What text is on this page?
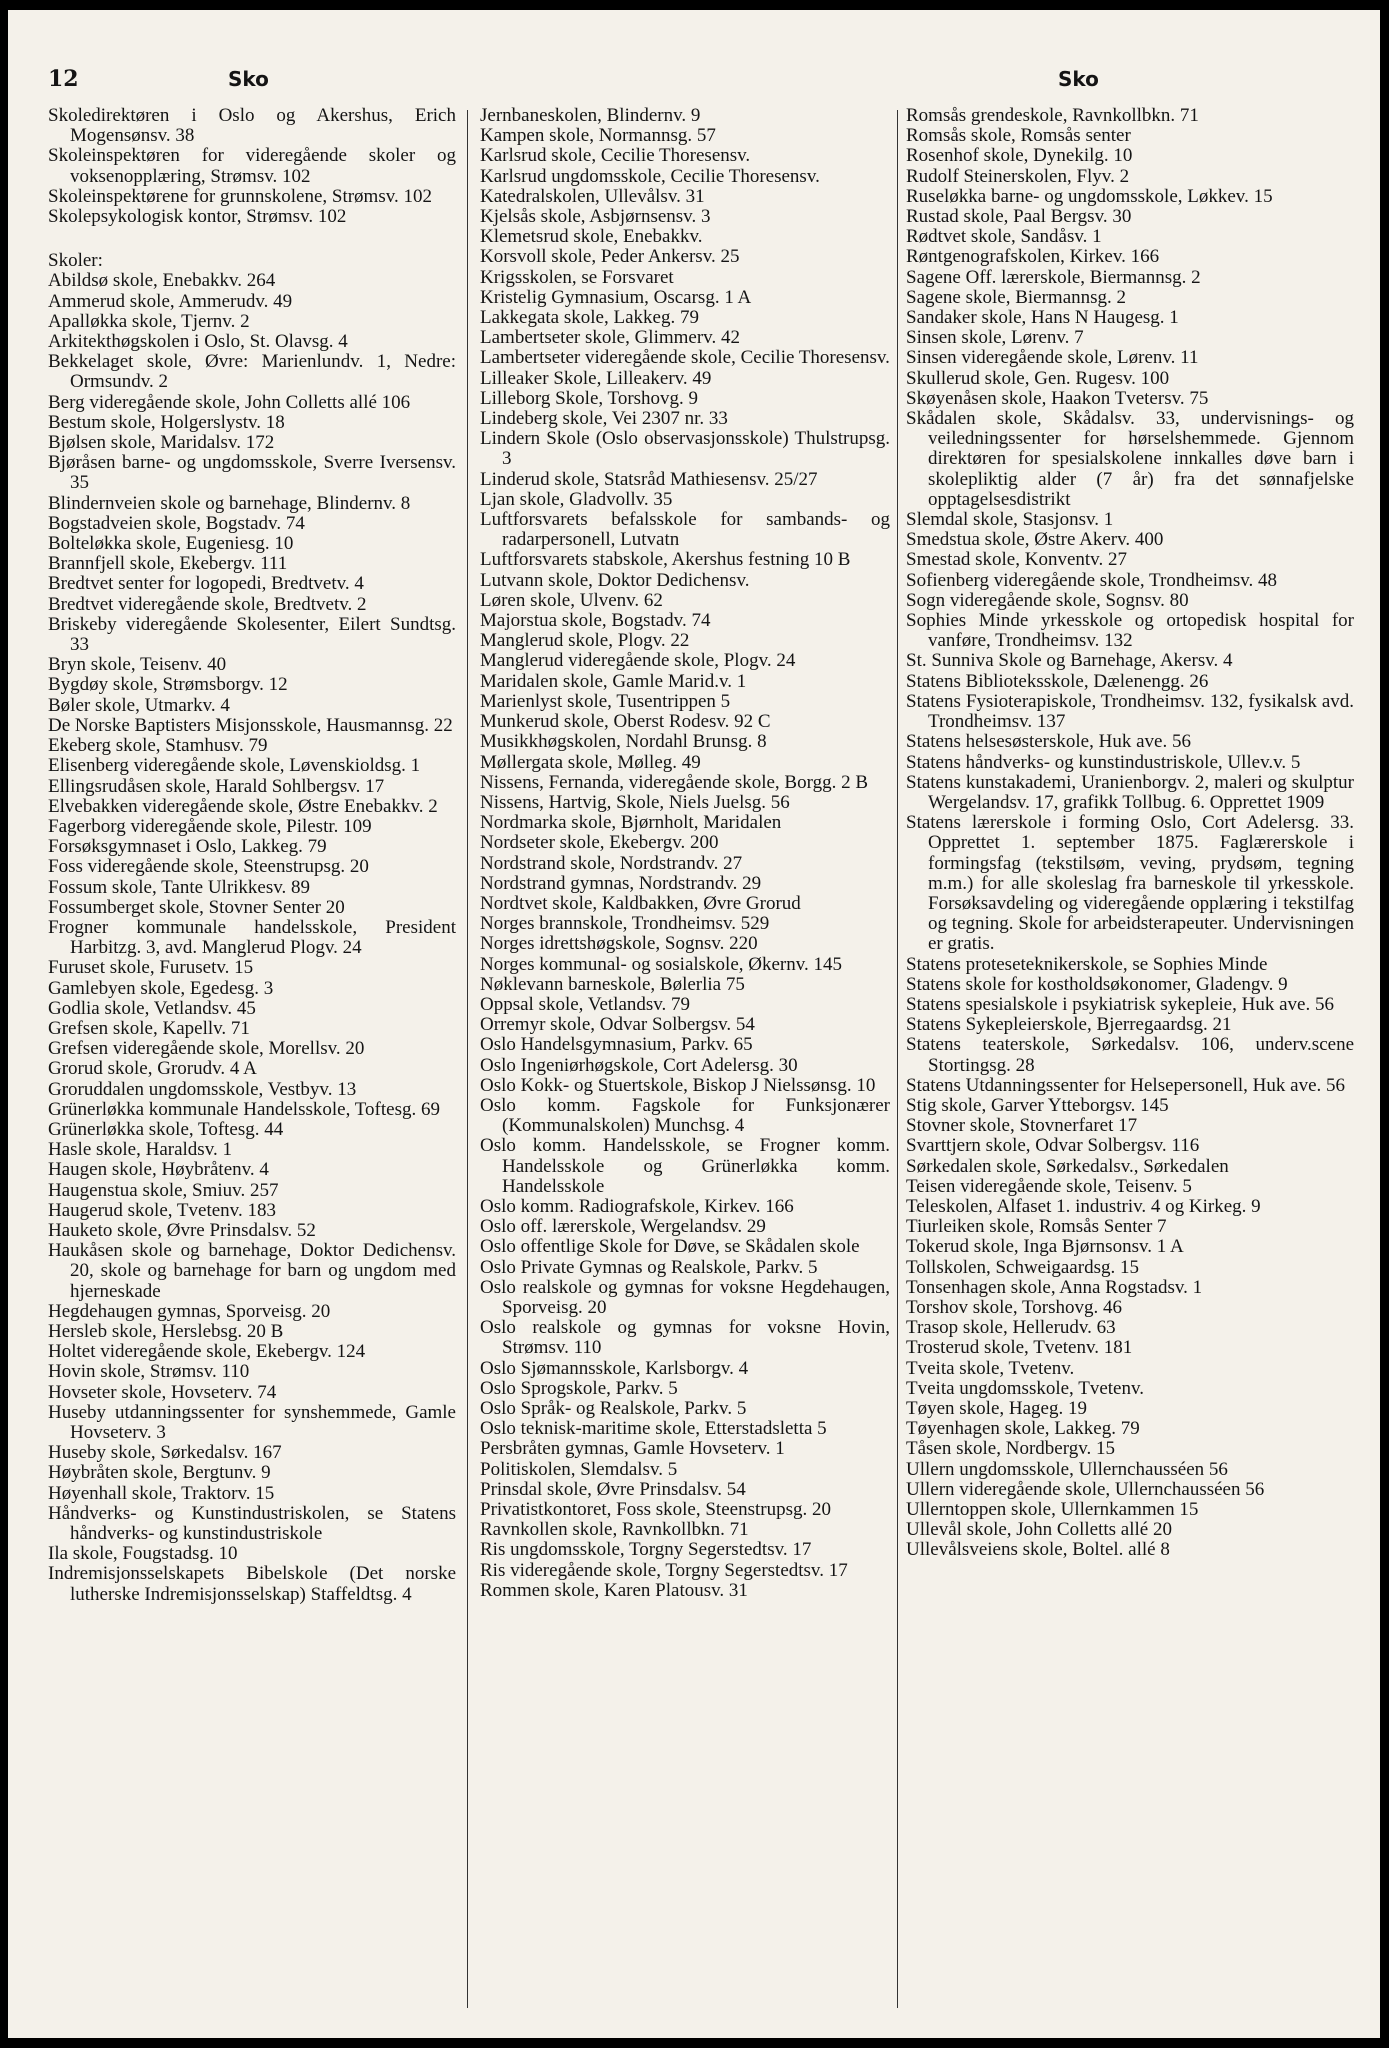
12	Sko	Sko
Skoledirektøren i Oslo og Akershus, Erich Mogensønsv. 38
Skoleinspektøren for videregående skoler og voksenopplæring, Strømsv. 102
Skoleinspektørene for grunnskolene, Strømsv. 102
Skolepsykologisk kontor, Strømsv. 102
Skoler:
Abildsø skole, Enebakkv. 264
Ammerud skole, Ammerudv. 49
Apalløkka skole, Tjernv. 2
Arkitekthøgskolen i Oslo, St. Olavsg. 4
Bekkelaget skole, Øvre: Marienlundv. 1, Nedre: Ormsundv. 2
Berg videregående skole, John Colletts allé 106
Bestum skole, Holgerslystv. 18
Bjølsen skole, Maridalsv. 172
Bjøråsen barne- og ungdomsskole, Sverre Iversensv. 35
Blindernveien skole og barnehage, Blindernv. 8
Bogstadveien skole, Bogstadv. 74
Bolteløkka skole, Eugeniesg. 10
Brannfjell skole, Ekebergv. 111
Bredtvet senter for logopedi, Bredtvetv. 4
Bredtvet videregående skole, Bredtvetv. 2
Briskeby videregående Skolesenter, Eilert Sundtsg. 33
Bryn skole, Teisenv. 40
Bygdøy skole, Strømsborgv. 12
Bøler skole, Utmarkv. 4
De Norske Baptisters Misjonsskole, Hausmannsg. 22
Ekeberg skole, Stamhusv. 79
Elisenberg videregående skole, Løvenskioldsg. 1
Ellingsrudåsen skole, Harald Sohlbergsv. 17
Elvebakken videregående skole, Østre Enebakkv. 2
Fagerborg videregående skole, Pilestr. 109
Forsøksgymnaset i Oslo, Lakkeg. 79
Foss videregående skole, Steenstrupsg. 20
Fossum skole, Tante Ulrikkesv. 89
Fossumberget skole, Stovner Senter 20
Frogner kommunale handelsskole, President Harbitzg. 3, avd. Manglerud Plogv. 24
Furuset skole, Furusetv. 15
Gamlebyen skole, Egedesg. 3
Godlia skole, Vetlandsv. 45
Grefsen skole, Kapellv. 71
Grefsen videregående skole, Morellsv. 20
Grorud skole, Grorudv. 4 A
Groruddalen ungdomsskole, Vestbyv. 13
Grünerløkka kommunale Handelsskole, Toftesg. 69
Grünerløkka skole, Toftesg. 44
Hasle skole, Haraldsv. 1
Haugen skole, Høybråtenv. 4
Haugenstua skole, Smiuv. 257
Haugerud skole, Tvetenv. 183
Hauketo skole, Øvre Prinsdalsv. 52
Haukåsen skole og barnehage, Doktor Dedichensv. 20, skole og barnehage for barn og ungdom med hjerneskade
Hegdehaugen gymnas, Sporveisg. 20
Hersleb skole, Herslebsg. 20 B
Holtet videregående skole, Ekebergv. 124
Hovin skole, Strømsv. 110
Hovseter skole, Hovseterv. 74
Huseby utdanningssenter for synshemmede, Gamle Hovseterv. 3
Huseby skole, Sørkedalsv. 167
Høybråten skole, Bergtunv. 9
Høyenhall skole, Traktorv. 15
Håndverks- og Kunstindustriskolen, se Statens håndverks- og kunstindustriskole
Ila skole, Fougstadsg. 10
Indremisjonsselskapets Bibelskole (Det norske lutherske Indremisjonsselskap) Staffeldtsg. 4
Jernbaneskolen, Blindernv. 9
Kampen skole, Normannsg. 57
Karlsrud skole, Cecilie Thoresensv.
Karlsrud ungdomsskole, Cecilie Thoresensv.
Katedralskolen, Ullevålsv. 31
Kjelsås skole, Asbjørnsensv. 3
Klemetsrud skole, Enebakkv.
Korsvoll skole, Peder Ankersv. 25
Krigsskolen, se Forsvaret
Kristelig Gymnasium, Oscarsg. 1 A
Lakkegata skole, Lakkeg. 79
Lambertseter skole, Glimmerv. 42
Lambertseter videregående skole, Cecilie Thoresensv.
Lilleaker Skole, Lilleakerv. 49
Lilleborg Skole, Torshovg. 9
Lindeberg skole, Vei 2307 nr. 33
Lindern Skole (Oslo observasjonsskole) Thulstrupsg. 3
Linderud skole, Statsråd Mathiesensv. 25/27
Ljan skole, Gladvollv. 35
Luftforsvarets befalsskole for sambands- og radarpersonell, Lutvatn
Luftforsvarets stabskole, Akershus festning 10 B
Lutvann skole, Doktor Dedichensv.
Løren skole, Ulvenv. 62
Majorstua skole, Bogstadv. 74
Manglerud skole, Plogv. 22
Manglerud videregående skole, Plogv. 24
Maridalen skole, Gamle Marid.v. 1
Marienlyst skole, Tusentrippen 5
Munkerud skole, Oberst Rodesv. 92 C
Musikkhøgskolen, Nordahl Brunsg. 8
Møllergata skole, Mølleg. 49
Nissens, Fernanda, videregående skole, Borgg. 2 B
Nissens, Hartvig, Skole, Niels Juelsg. 56
Nordmarka skole, Bjørnholt, Maridalen
Nordseter skole, Ekebergv. 200
Nordstrand skole, Nordstrandv. 27
Nordstrand gymnas, Nordstrandv. 29
Nordtvet skole, Kaldbakken, Øvre Grorud
Norges brannskole, Trondheimsv. 529
Norges idrettshøgskole, Sognsv. 220
Norges kommunal- og sosialskole, Økernv. 145
Nøklevann barneskole, Bølerlia 75
Oppsal skole, Vetlandsv. 79
Orremyr skole, Odvar Solbergsv. 54
Oslo Handelsgymnasium, Parkv. 65
Oslo Ingeniørhøgskole, Cort Adelersg. 30
Oslo Kokk- og Stuertskole, Biskop J Nielssønsg. 10
Oslo komm. Fagskole for Funksjonærer (Kommunalskolen) Munchsg. 4
Oslo komm. Handelsskole, se Frogner komm. Handelsskole og Grünerløkka komm. Handelsskole
Oslo komm. Radiografskole, Kirkev. 166
Oslo off. lærerskole, Wergelandsv. 29
Oslo offentlige Skole for Døve, se Skådalen skole
Oslo Private Gymnas og Realskole, Parkv. 5
Oslo realskole og gymnas for voksne Hegdehaugen, Sporveisg. 20
Oslo realskole og gymnas for voksne Hovin, Strømsv. 110
Oslo Sjømannsskole, Karlsborgv. 4
Oslo Sprogskole, Parkv. 5
Oslo Språk- og Realskole, Parkv. 5
Oslo teknisk-maritime skole, Etterstadsletta 5
Persbråten gymnas, Gamle Hovseterv. 1
Politiskolen, Slemdalsv. 5
Prinsdal skole, Øvre Prinsdalsv. 54
Privatistkontoret, Foss skole, Steenstrupsg. 20
Ravnkollen skole, Ravnkollbkn. 71
Ris ungdomsskole, Torgny Segerstedtsv. 17
Ris videregående skole, Torgny Segerstedtsv. 17
Rommen skole, Karen Platousv. 31
Romsås grendeskole, Ravnkollbkn. 71
Romsås skole, Romsås senter
Rosenhof skole, Dynekilg. 10
Rudolf Steinerskolen, Flyv. 2
Ruseløkka barne- og ungdomsskole, Løkkev. 15
Rustad skole, Paal Bergsv. 30
Rødtvet skole, Sandåsv. 1
Røntgenografskolen, Kirkev. 166
Sagene Off. lærerskole, Biermannsg. 2
Sagene skole, Biermannsg. 2
Sandaker skole, Hans N Haugesg. 1
Sinsen skole, Lørenv. 7
Sinsen videregående skole, Lørenv. 11
Skullerud skole, Gen. Rugesv. 100
Skøyenåsen skole, Haakon Tvetersv. 75
Skådalen skole, Skådalsv. 33, undervisnings- og veiledningssenter for hørselshemmede. Gjennom direktøren for spesialskolene innkalles døve barn i skolepliktig alder (7 år) fra det sønnafjelske opptagelsesdistrikt
Slemdal skole, Stasjonsv. 1
Smedstua skole, Østre Akerv. 400
Smestad skole, Konventv. 27
Sofienberg videregående skole, Trondheimsv. 48
Sogn videregående skole, Sognsv. 80
Sophies Minde yrkesskole og ortopedisk hospital for vanføre, Trondheimsv. 132
St. Sunniva Skole og Barnehage, Akersv. 4
Statens Biblioteksskole, Dælenengg. 26
Statens Fysioterapiskole, Trondheimsv. 132, fysikalsk avd. Trondheimsv. 137
Statens helsesøsterskole, Huk ave. 56
Statens håndverks- og kunstindustriskole, Ullev.v. 5
Statens kunstakademi, Uranienborgv. 2, maleri og skulptur Wergelandsv. 17, grafikk Tollbug. 6. Opprettet 1909
Statens lærerskole i forming Oslo, Cort Adelersg. 33. Opprettet 1. september 1875. Faglærerskole i formingsfag (tekstilsøm, veving, prydsøm, tegning m.m.) for alle skoleslag fra barneskole til yrkesskole. Forsøksavdeling og videregående opplæring i tekstilfag og tegning. Skole for arbeidsterapeuter. Undervisningen er gratis.
Statens proteseteknikerskole, se Sophies Minde
Statens skole for kostholdsøkonomer, Gladengv. 9
Statens spesialskole i psykiatrisk sykepleie, Huk ave. 56
Statens Sykepleierskole, Bjerregaardsg. 21
Statens teaterskole, Sørkedalsv. 106, underv.scene Stortingsg. 28
Statens Utdanningssenter for Helsepersonell, Huk ave. 56
Stig skole, Garver Ytteborgsv. 145
Stovner skole, Stovnerfaret 17
Svarttjern skole, Odvar Solbergsv. 116
Sørkedalen skole, Sørkedalsv., Sørkedalen
Teisen videregående skole, Teisenv. 5
Teleskolen, Alfaset 1. industriv. 4 og Kirkeg. 9
Tiurleiken skole, Romsås Senter 7
Tokerud skole, Inga Bjørnsonsv. 1 A
Tollskolen, Schweigaardsg. 15
Tonsenhagen skole, Anna Rogstadsv. 1
Torshov skole, Torshovg. 46
Trasop skole, Hellerudv. 63
Trosterud skole, Tvetenv. 181
Tveita skole, Tvetenv.
Tveita ungdomsskole, Tvetenv.
Tøyen skole, Hageg. 19
Tøyenhagen skole, Lakkeg. 79
Tåsen skole, Nordbergv. 15
Ullern ungdomsskole, Ullernchausséen 56
Ullern videregående skole, Ullernchausséen 56
Ullerntoppen skole, Ullernkammen 15
Ullevål skole, John Colletts allé 20
Ullevålsveiens skole, Boltel. allé 8
